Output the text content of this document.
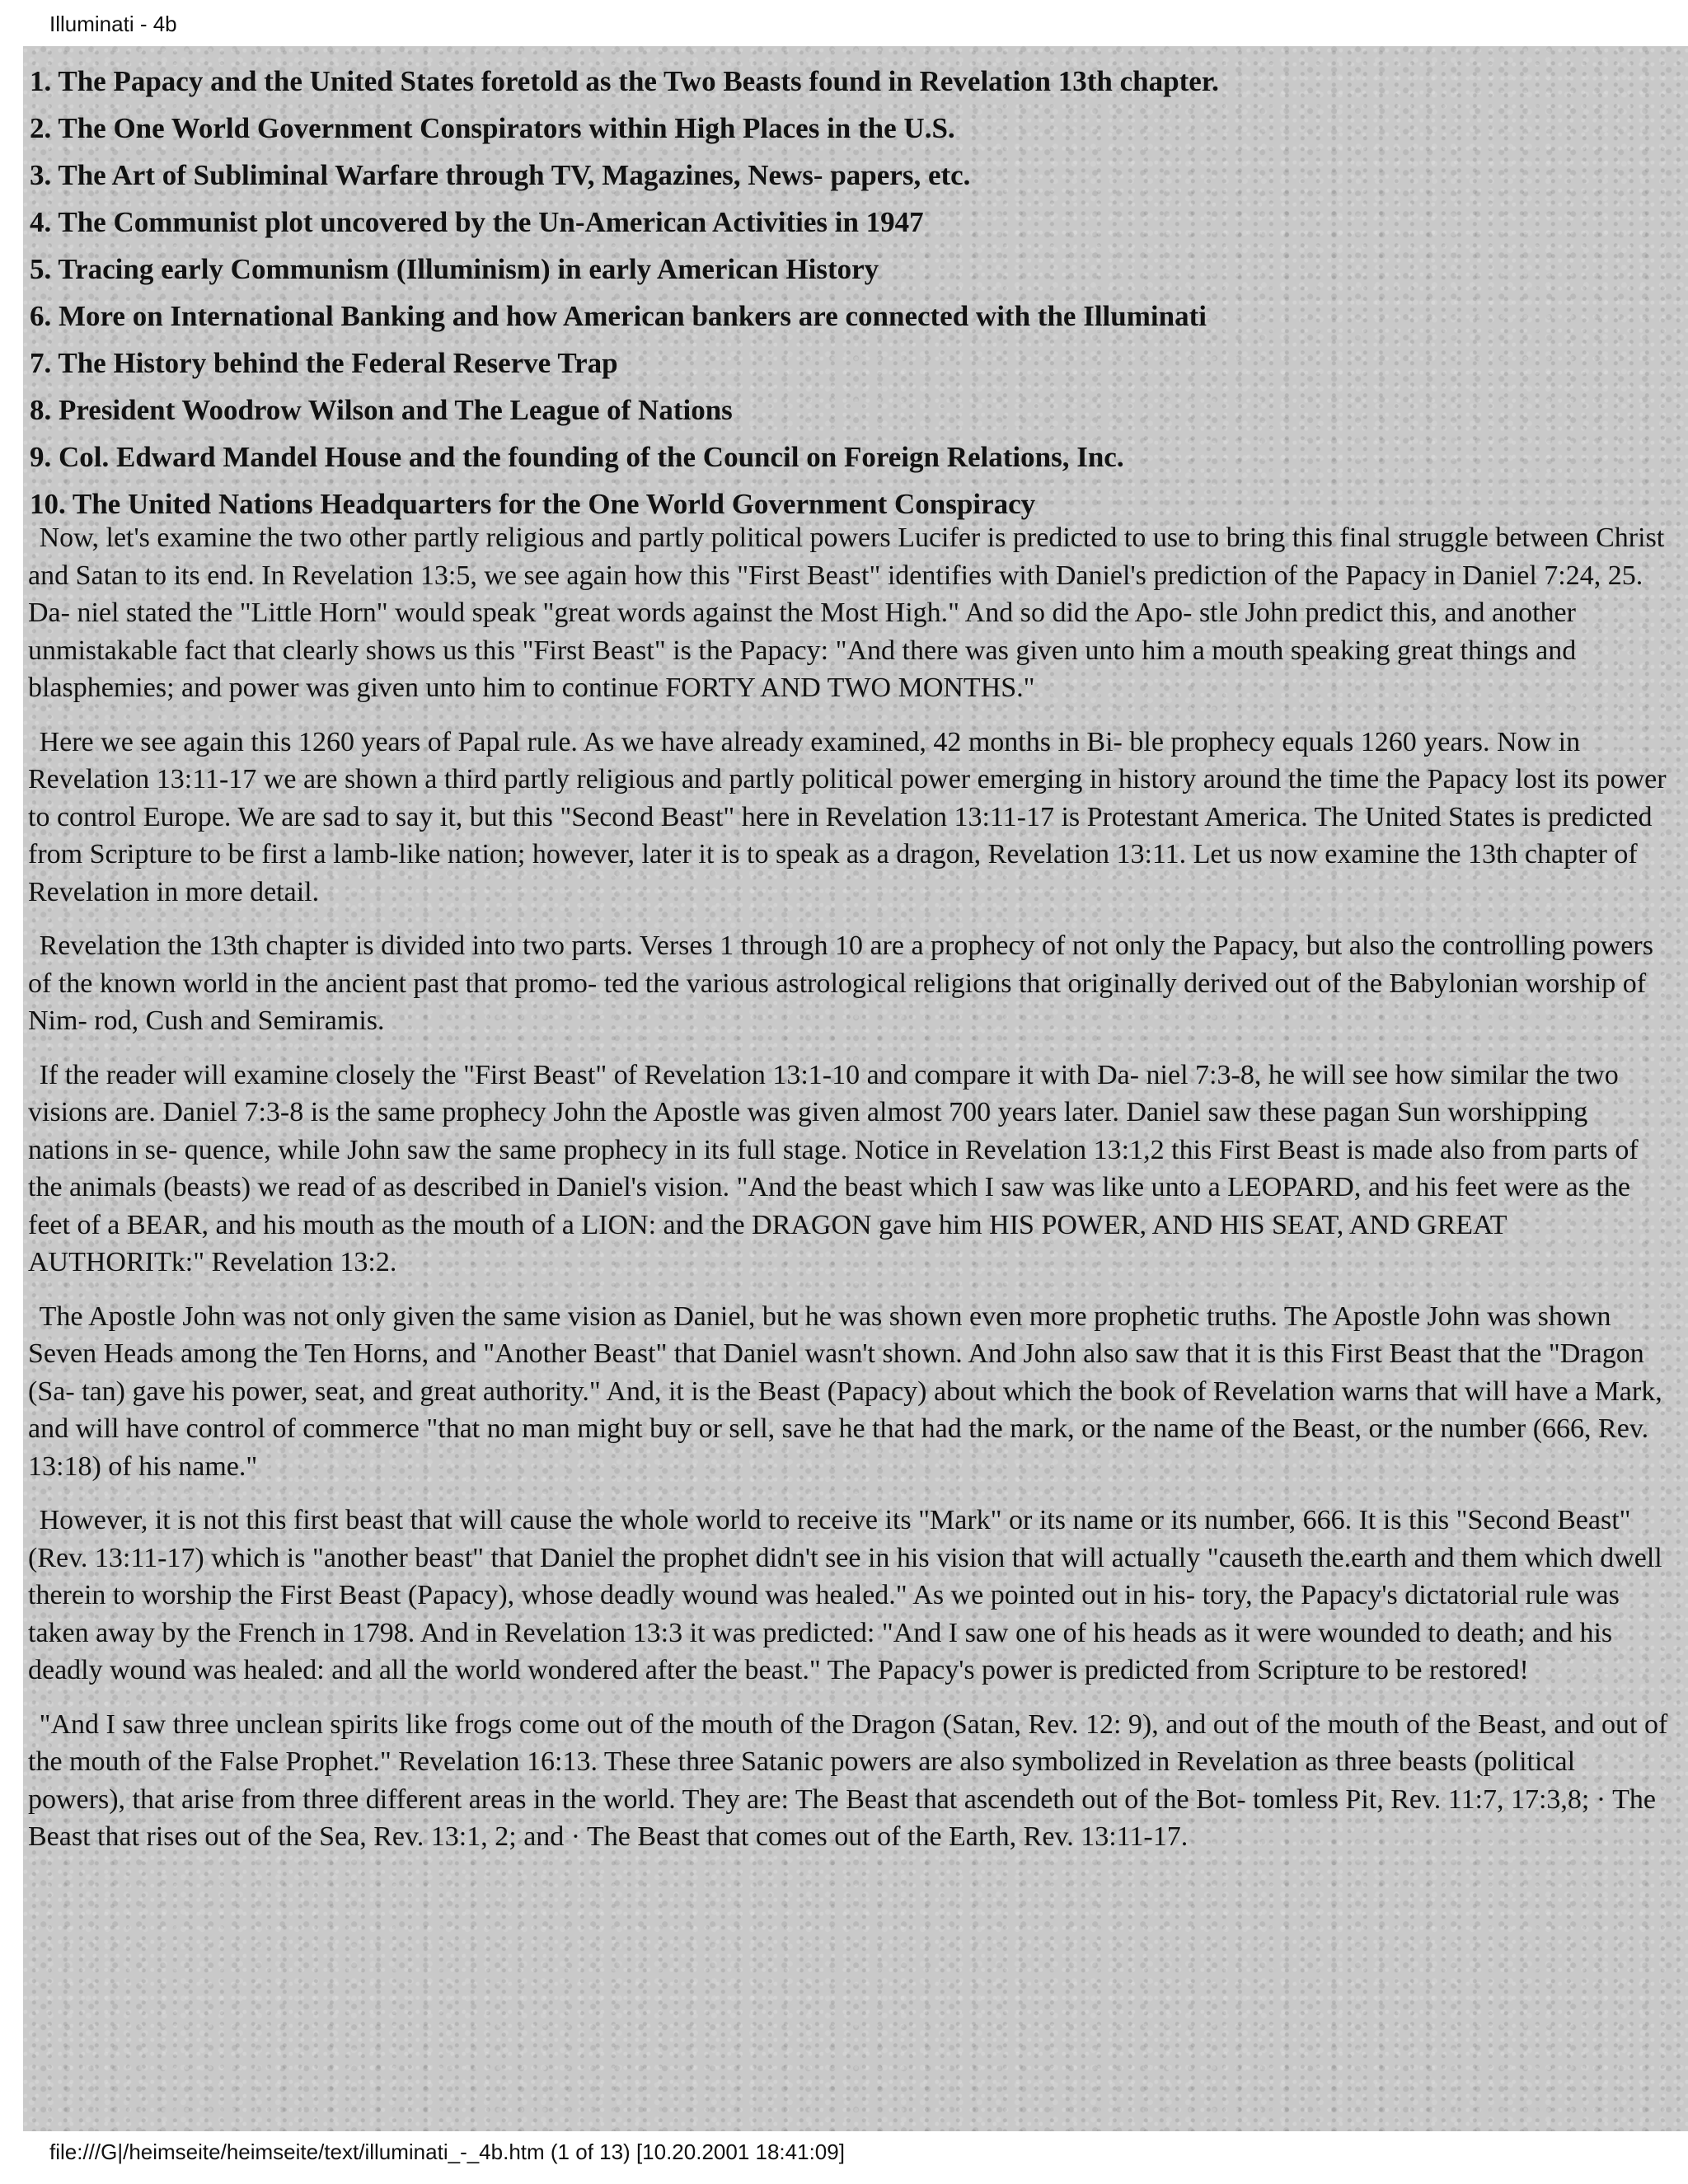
Illuminati - 4b
1. The Papacy and the United States foretold as the Two Beasts found in Revelation 13th chapter.
2. The One World Government Conspirators within High Places in the U.S.
3. The Art of Subliminal Warfare through TV, Magazines, News- papers, etc.
4. The Communist plot uncovered by the Un-American Activities in 1947
5. Tracing early Communism (Illuminism) in early American History
6. More on International Banking and how American bankers are connected with the Illuminati
7. The History behind the Federal Reserve Trap
8. President Woodrow Wilson and The League of Nations
9. Col. Edward Mandel House and the founding of the Council on Foreign Relations, Inc.
10. The United Nations Headquarters for the One World Government Conspiracy

Now, let's examine the two other partly religious and partly political powers Lucifer is predicted to use to bring this final struggle between Christ and Satan to its end. In Revelation 13:5, we see again how this "First Beast" identifies with Daniel's prediction of the Papacy in Daniel 7:24, 25. Da- niel stated the "Little Horn" would speak "great words against the Most High." And so did the Apo- stle John predict this, and another unmistakable fact that clearly shows us this "First Beast" is the Papacy: "And there was given unto him a mouth speaking great things and blasphemies; and power was given unto him to continue FORTY AND TWO MONTHS."

Here we see again this 1260 years of Papal rule. As we have already examined, 42 months in Bi- ble prophecy equals 1260 years. Now in Revelation 13:11-17 we are shown a third partly religious and partly political power emerging in history around the time the Papacy lost its power to control Europe. We are sad to say it, but this "Second Beast" here in Revelation 13:11-17 is Protestant America. The United States is predicted from Scripture to be first a lamb-like nation; however, later it is to speak as a dragon, Revelation 13:11. Let us now examine the 13th chapter of Revelation in more detail.

Revelation the 13th chapter is divided into two parts. Verses 1 through 10 are a prophecy of not only the Papacy, but also the controlling powers of the known world in the ancient past that promo- ted the various astrological religions that originally derived out of the Babylonian worship of Nim- rod, Cush and Semiramis.

If the reader will examine closely the "First Beast" of Revelation 13:1-10 and compare it with Da- niel 7:3-8, he will see how similar the two visions are. Daniel 7:3-8 is the same prophecy John the Apostle was given almost 700 years later. Daniel saw these pagan Sun worshipping nations in se- quence, while John saw the same prophecy in its full stage. Notice in Revelation 13:1,2 this First Beast is made also from parts of the animals (beasts) we read of as described in Daniel's vision. "And the beast which I saw was like unto a LEOPARD, and his feet were as the feet of a BEAR, and his mouth as the mouth of a LION: and the DRAGON gave him HIS POWER, AND HIS SEAT, AND GREAT AUTHORITk:" Revelation 13:2.

The Apostle John was not only given the same vision as Daniel, but he was shown even more prophetic truths. The Apostle John was shown Seven Heads among the Ten Horns, and "Another Beast" that Daniel wasn't shown. And John also saw that it is this First Beast that the "Dragon (Sa- tan) gave his power, seat, and great authority." And, it is the Beast (Papacy) about which the book of Revelation warns that will have a Mark, and will have control of commerce "that no man might buy or sell, save he that had the mark, or the name of the Beast, or the number (666, Rev. 13:18) of his name."

However, it is not this first beast that will cause the whole world to receive its "Mark" or its name or its number, 666. It is this "Second Beast" (Rev. 13:11-17) which is "another beast" that Daniel the prophet didn't see in his vision that will actually "causeth the.earth and them which dwell therein to worship the First Beast (Papacy), whose deadly wound was healed." As we pointed out in his- tory, the Papacy's dictatorial rule was taken away by the French in 1798. And in Revelation 13:3 it was predicted: "And I saw one of his heads as it were wounded to death; and his deadly wound was healed: and all the world wondered after the beast." The Papacy's power is predicted from Scripture to be restored!

"And I saw three unclean spirits like frogs come out of the mouth of the Dragon (Satan, Rev. 12: 9), and out of the mouth of the Beast, and out of the mouth of the False Prophet." Revelation 16:13. These three Satanic powers are also symbolized in Revelation as three beasts (political powers), that arise from three different areas in the world. They are: The Beast that ascendeth out of the Bot- tomless Pit, Rev. 11:7, 17:3,8; · The Beast that rises out of the Sea, Rev. 13:1, 2; and · The Beast that comes out of the Earth, Rev. 13:11-17.

file:///G|/heimseite/heimseite/text/illuminati_-_4b.htm (1 of 13) [10.20.2001 18:41:09]
